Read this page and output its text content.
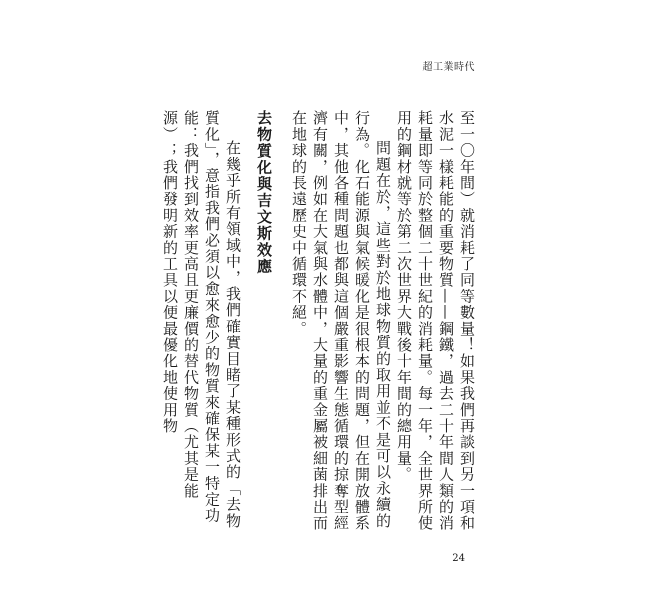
超工業時代

至一〇年間）就消耗了同等數量！如果我們再談到另一項和水泥一樣耗能的重要物質——鋼鐵，過去二十年間人類的消耗量即等同於整個二十世紀的消耗量。每一年，全世界所使用的鋼材就等於第二次世界大戰後十年間的總用量。

問題在於，這些對於地球物質的取用並不是可以永續的行為。化石能源與氣候暖化是很根本的問題，但在開放體系中，其他各種問題也都與這個嚴重影響生態循環的掠奪型經濟有關，例如在大氣與水體中，大量的重金屬被細菌排出而在地球的長遠歷史中循環不絕。

去物質化與吉文斯效應

在幾乎所有領域中，我們確實目睹了某種形式的「去物質化」，意指我們必須以愈來愈少的物質來確保某一特定功能：我們找到效率更高且更廉價的替代物質（尤其是能源）；我們發明新的工具以便最優化地使用物

24
